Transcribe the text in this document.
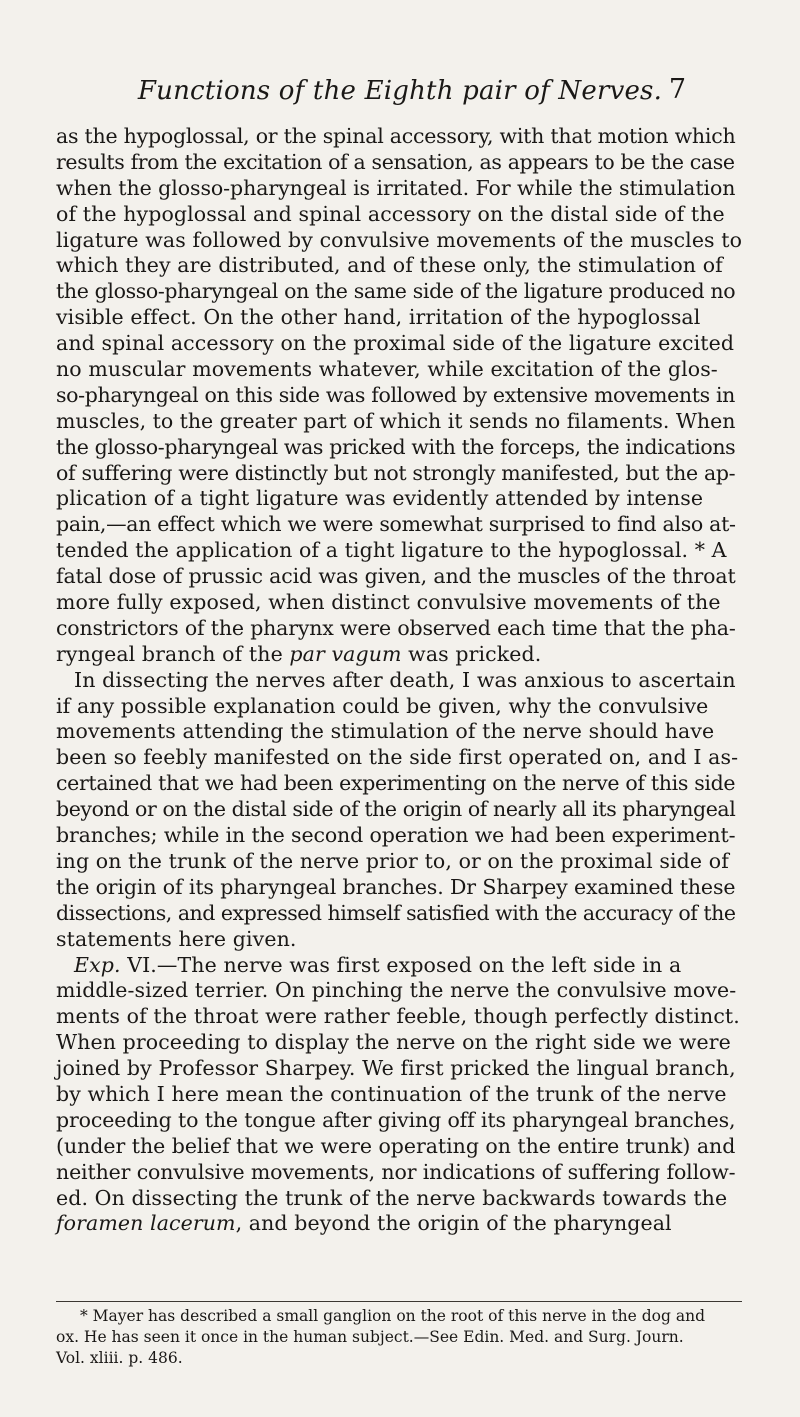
Functions of the Eighth pair of Nerves. 7
as the hypoglossal, or the spinal accessory, with that motion which
results from the excitation of a sensation, as appears to be the case
when the glosso-pharyngeal is irritated. For while the stimulation
of the hypoglossal and spinal accessory on the distal side of the
ligature was followed by convulsive movements of the muscles to
which they are distributed, and of these only, the stimulation of
the glosso-pharyngeal on the same side of the ligature produced no
visible effect. On the other hand, irritation of the hypoglossal
and spinal accessory on the proximal side of the ligature excited
no muscular movements whatever, while excitation of the glos-
so-pharyngeal on this side was followed by extensive movements in
muscles, to the greater part of which it sends no filaments. When
the glosso-pharyngeal was pricked with the forceps, the indications
of suffering were distinctly but not strongly manifested, but the ap-
plication of a tight ligature was evidently attended by intense
pain,—an effect which we were somewhat surprised to find also at-
tended the application of a tight ligature to the hypoglossal. * A
fatal dose of prussic acid was given, and the muscles of the throat
more fully exposed, when distinct convulsive movements of the
constrictors of the pharynx were observed each time that the pha-
ryngeal branch of the par vagum was pricked.
In dissecting the nerves after death, I was anxious to ascertain
if any possible explanation could be given, why the convulsive
movements attending the stimulation of the nerve should have
been so feebly manifested on the side first operated on, and I as-
certained that we had been experimenting on the nerve of this side
beyond or on the distal side of the origin of nearly all its pharyngeal
branches; while in the second operation we had been experiment-
ing on the trunk of the nerve prior to, or on the proximal side of
the origin of its pharyngeal branches. Dr Sharpey examined these
dissections, and expressed himself satisfied with the accuracy of the
statements here given.
Exp. VI.—The nerve was first exposed on the left side in a
middle-sized terrier. On pinching the nerve the convulsive move-
ments of the throat were rather feeble, though perfectly distinct.
When proceeding to display the nerve on the right side we were
joined by Professor Sharpey. We first pricked the lingual branch,
by which I here mean the continuation of the trunk of the nerve
proceeding to the tongue after giving off its pharyngeal branches,
(under the belief that we were operating on the entire trunk) and
neither convulsive movements, nor indications of suffering follow-
ed. On dissecting the trunk of the nerve backwards towards the
foramen lacerum, and beyond the origin of the pharyngeal
* Mayer has described a small ganglion on the root of this nerve in the dog and
ox. He has seen it once in the human subject.—See Edin. Med. and Surg. Journ.
Vol. xliii. p. 486.
